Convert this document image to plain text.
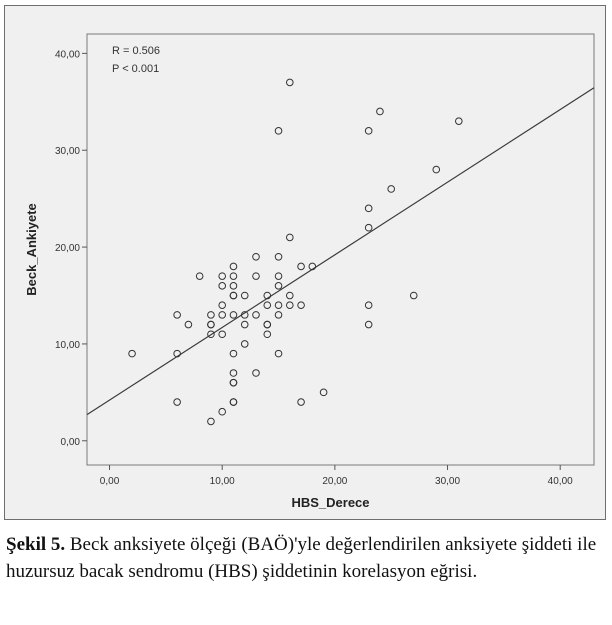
0,00	10,00	20,00	30,00	40,00
0,00
10,00
20,00
30,00
40,00	R = 0.506
P < 0.001
HBS_Derece
Beck_Ankiyete

Şekil 5. Beck anksiyete ölçeği (BAÖ)'yle değerlendirilen anksiyete şiddeti ile huzursuz bacak sendromu (HBS) şiddetinin korelasyon eğrisi.
